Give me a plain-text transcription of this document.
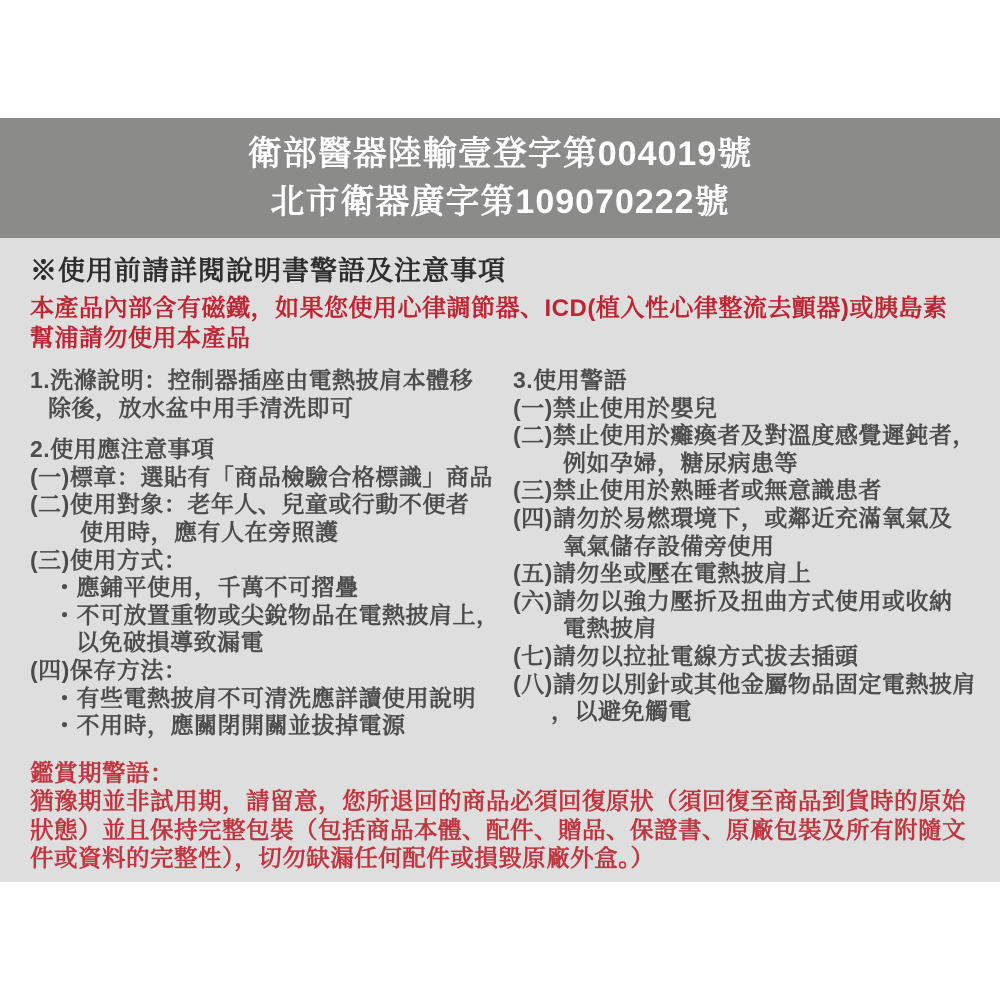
衛部醫器陸輸壹登字第004019號
北市衛器廣字第109070222號
※使用前請詳閱說明書警語及注意事項
本產品內部含有磁鐵，如果您使用心律調節器、ICD(植入性心律整流去顫器)或胰島素
幫浦請勿使用本產品
1.洗滌說明：控制器插座由電熱披肩本體移
除後，放水盆中用手清洗即可
2.使用應注意事項
(一)標章：選貼有「商品檢驗合格標識」商品
(二)使用對象：老年人、兒童或行動不便者
使用時，應有人在旁照護
(三)使用方式：
・應鋪平使用，千萬不可摺疊
・不可放置重物或尖銳物品在電熱披肩上，
以免破損導致漏電
(四)保存方法：
・有些電熱披肩不可清洗應詳讀使用說明
・不用時，應關閉開關並拔掉電源
3.使用警語
(一)禁止使用於嬰兒
(二)禁止使用於癱瘓者及對溫度感覺遲鈍者，
例如孕婦，糖尿病患等
(三)禁止使用於熟睡者或無意識患者
(四)請勿於易燃環境下，或鄰近充滿氧氣及
氧氣儲存設備旁使用
(五)請勿坐或壓在電熱披肩上
(六)請勿以強力壓折及扭曲方式使用或收納
電熱披肩
(七)請勿以拉扯電線方式拔去插頭
(八)請勿以別針或其他金屬物品固定電熱披肩
，以避免觸電
鑑賞期警語：
猶豫期並非試用期，請留意，您所退回的商品必須回復原狀（須回復至商品到貨時的原始
狀態）並且保持完整包裝（包括商品本體、配件、贈品、保證書、原廠包裝及所有附隨文
件或資料的完整性），切勿缺漏任何配件或損毀原廠外盒。）
